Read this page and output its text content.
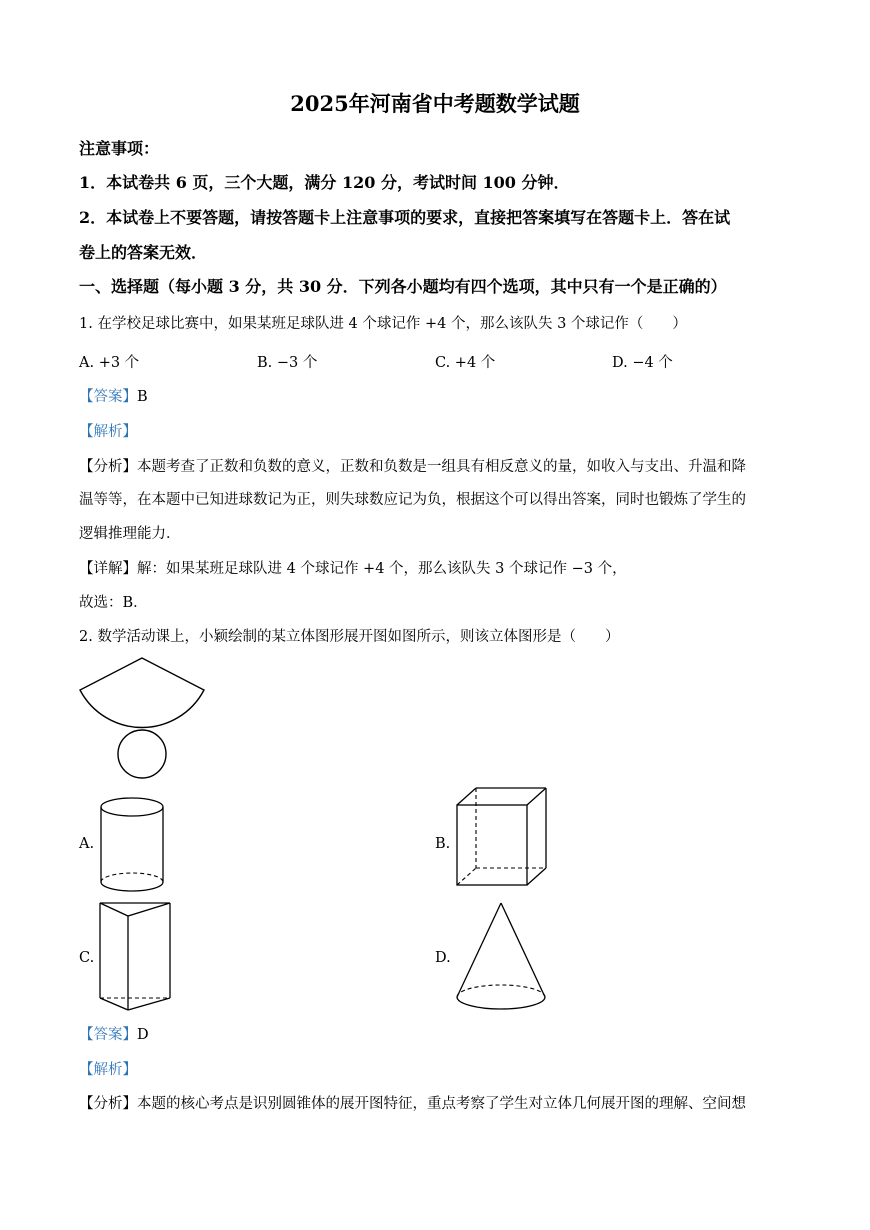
2025年河南省中考题数学试题
注意事项：
1．本试卷共 6 页，三个大题，满分 120 分，考试时间 100 分钟．
2．本试卷上不要答题，请按答题卡上注意事项的要求，直接把答案填写在答题卡上．答在试
卷上的答案无效．
一、选择题（每小题 3 分，共 30 分．下列各小题均有四个选项，其中只有一个是正确的）
1. 在学校足球比赛中，如果某班足球队进 4 个球记作 +4 个，那么该队失 3 个球记作（　　）
A. +3 个	B. −3 个	C. +4 个	D. −4 个
【答案】B
【解析】
【分析】本题考查了正数和负数的意义，正数和负数是一组具有相反意义的量，如收入与支出、升温和降
温等等，在本题中已知进球数记为正，则失球数应记为负，根据这个可以得出答案，同时也锻炼了学生的
逻辑推理能力．
【详解】解：如果某班足球队进 4 个球记作 +4 个，那么该队失 3 个球记作 −3 个，
故选：B．
2. 数学活动课上，小颖绘制的某立体图形展开图如图所示，则该立体图形是（　　）
A.	B.
C.	D.
【答案】D
【解析】
【分析】本题的核心考点是识别圆锥体的展开图特征，重点考察了学生对立体几何展开图的理解、空间想
